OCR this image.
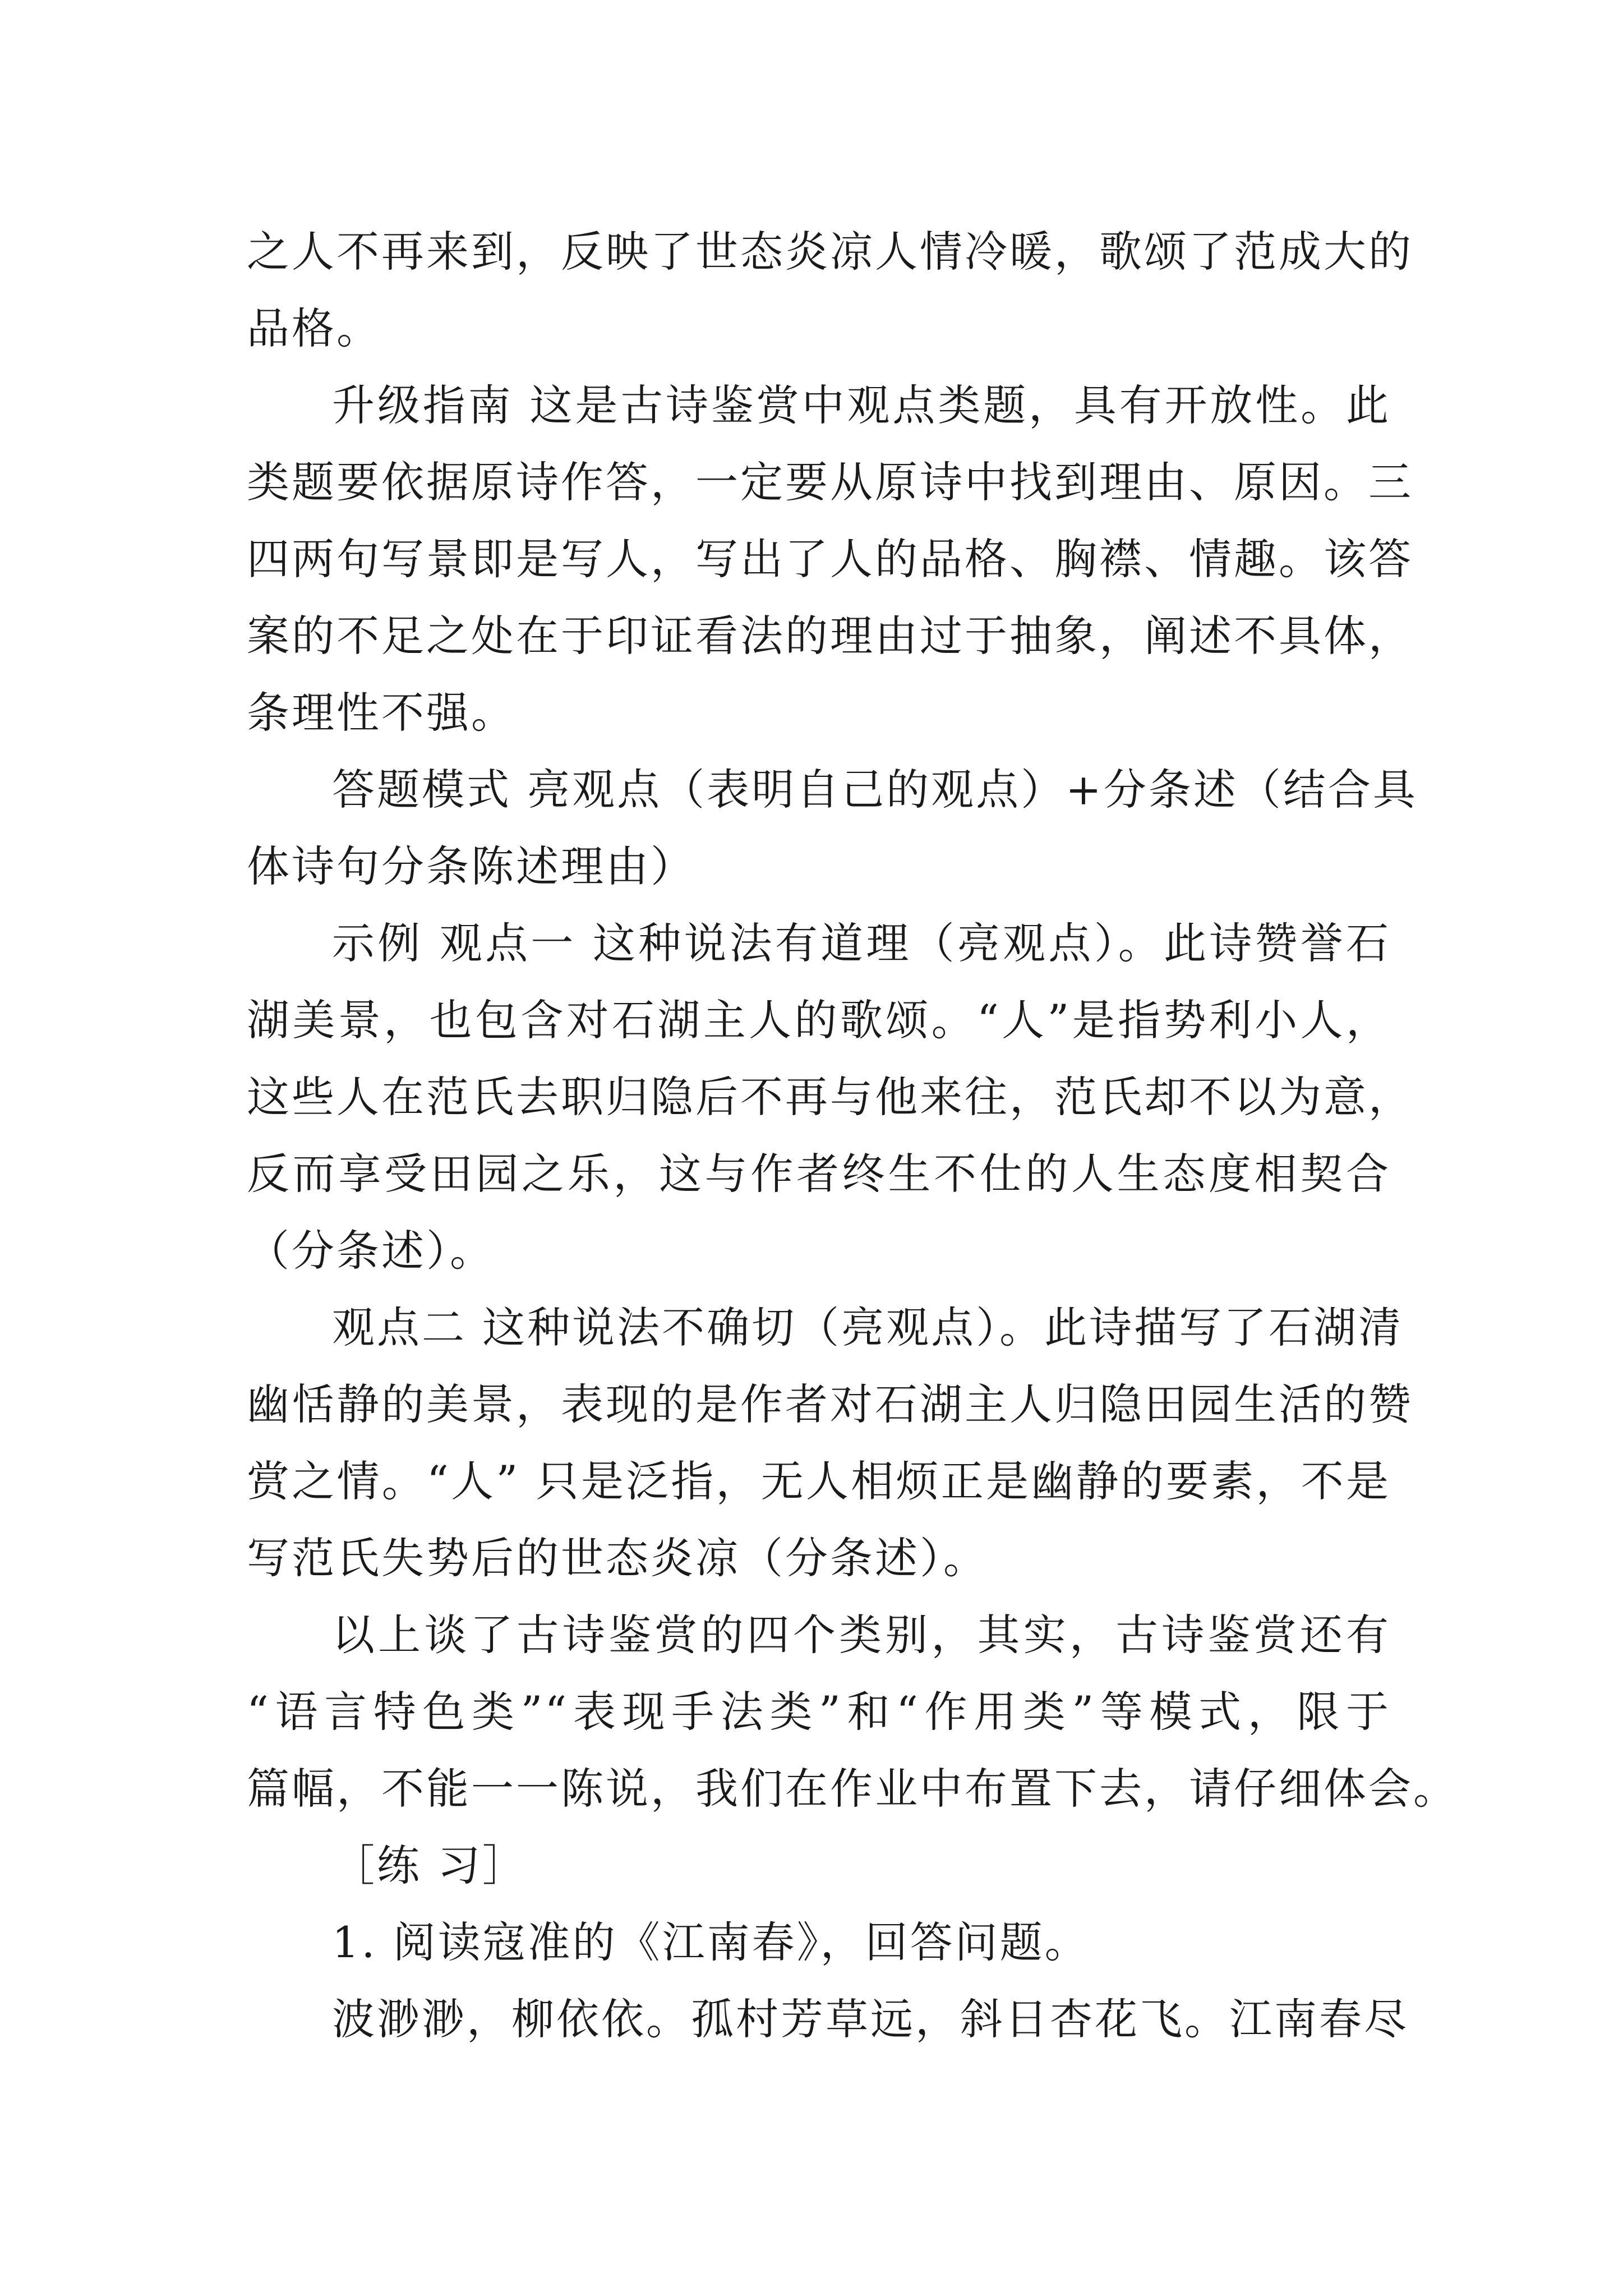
之人不再来到，反映了世态炎凉人情冷暖，歌颂了范成大的
品格。
升级指南 这是古诗鉴赏中观点类题，具有开放性。此
类题要依据原诗作答，一定要从原诗中找到理由、原因。三
四两句写景即是写人，写出了人的品格、胸襟、情趣。该答
案的不足之处在于印证看法的理由过于抽象，阐述不具体，
条理性不强。
答题模式 亮观点（表明自己的观点）+分条述（结合具
体诗句分条陈述理由）
示例 观点一 这种说法有道理（亮观点）。此诗赞誉石
湖美景，也包含对石湖主人的歌颂。“人”是指势利小人，
这些人在范氏去职归隐后不再与他来往，范氏却不以为意，
反而享受田园之乐，这与作者终生不仕的人生态度相契合
（分条述）。
观点二 这种说法不确切（亮观点）。此诗描写了石湖清
幽恬静的美景，表现的是作者对石湖主人归隐田园生活的赞
赏之情。“人” 只是泛指，无人相烦正是幽静的要素，不是
写范氏失势后的世态炎凉（分条述）。
以上谈了古诗鉴赏的四个类别，其实，古诗鉴赏还有
“语言特色类”“表现手法类”和“作用类”等模式，限于
篇幅，不能一一陈说，我们在作业中布置下去，请仔细体会。
［练 习］
1. 阅读寇准的《江南春》，回答问题。
波渺渺，柳依依。孤村芳草远，斜日杏花飞。江南春尽
